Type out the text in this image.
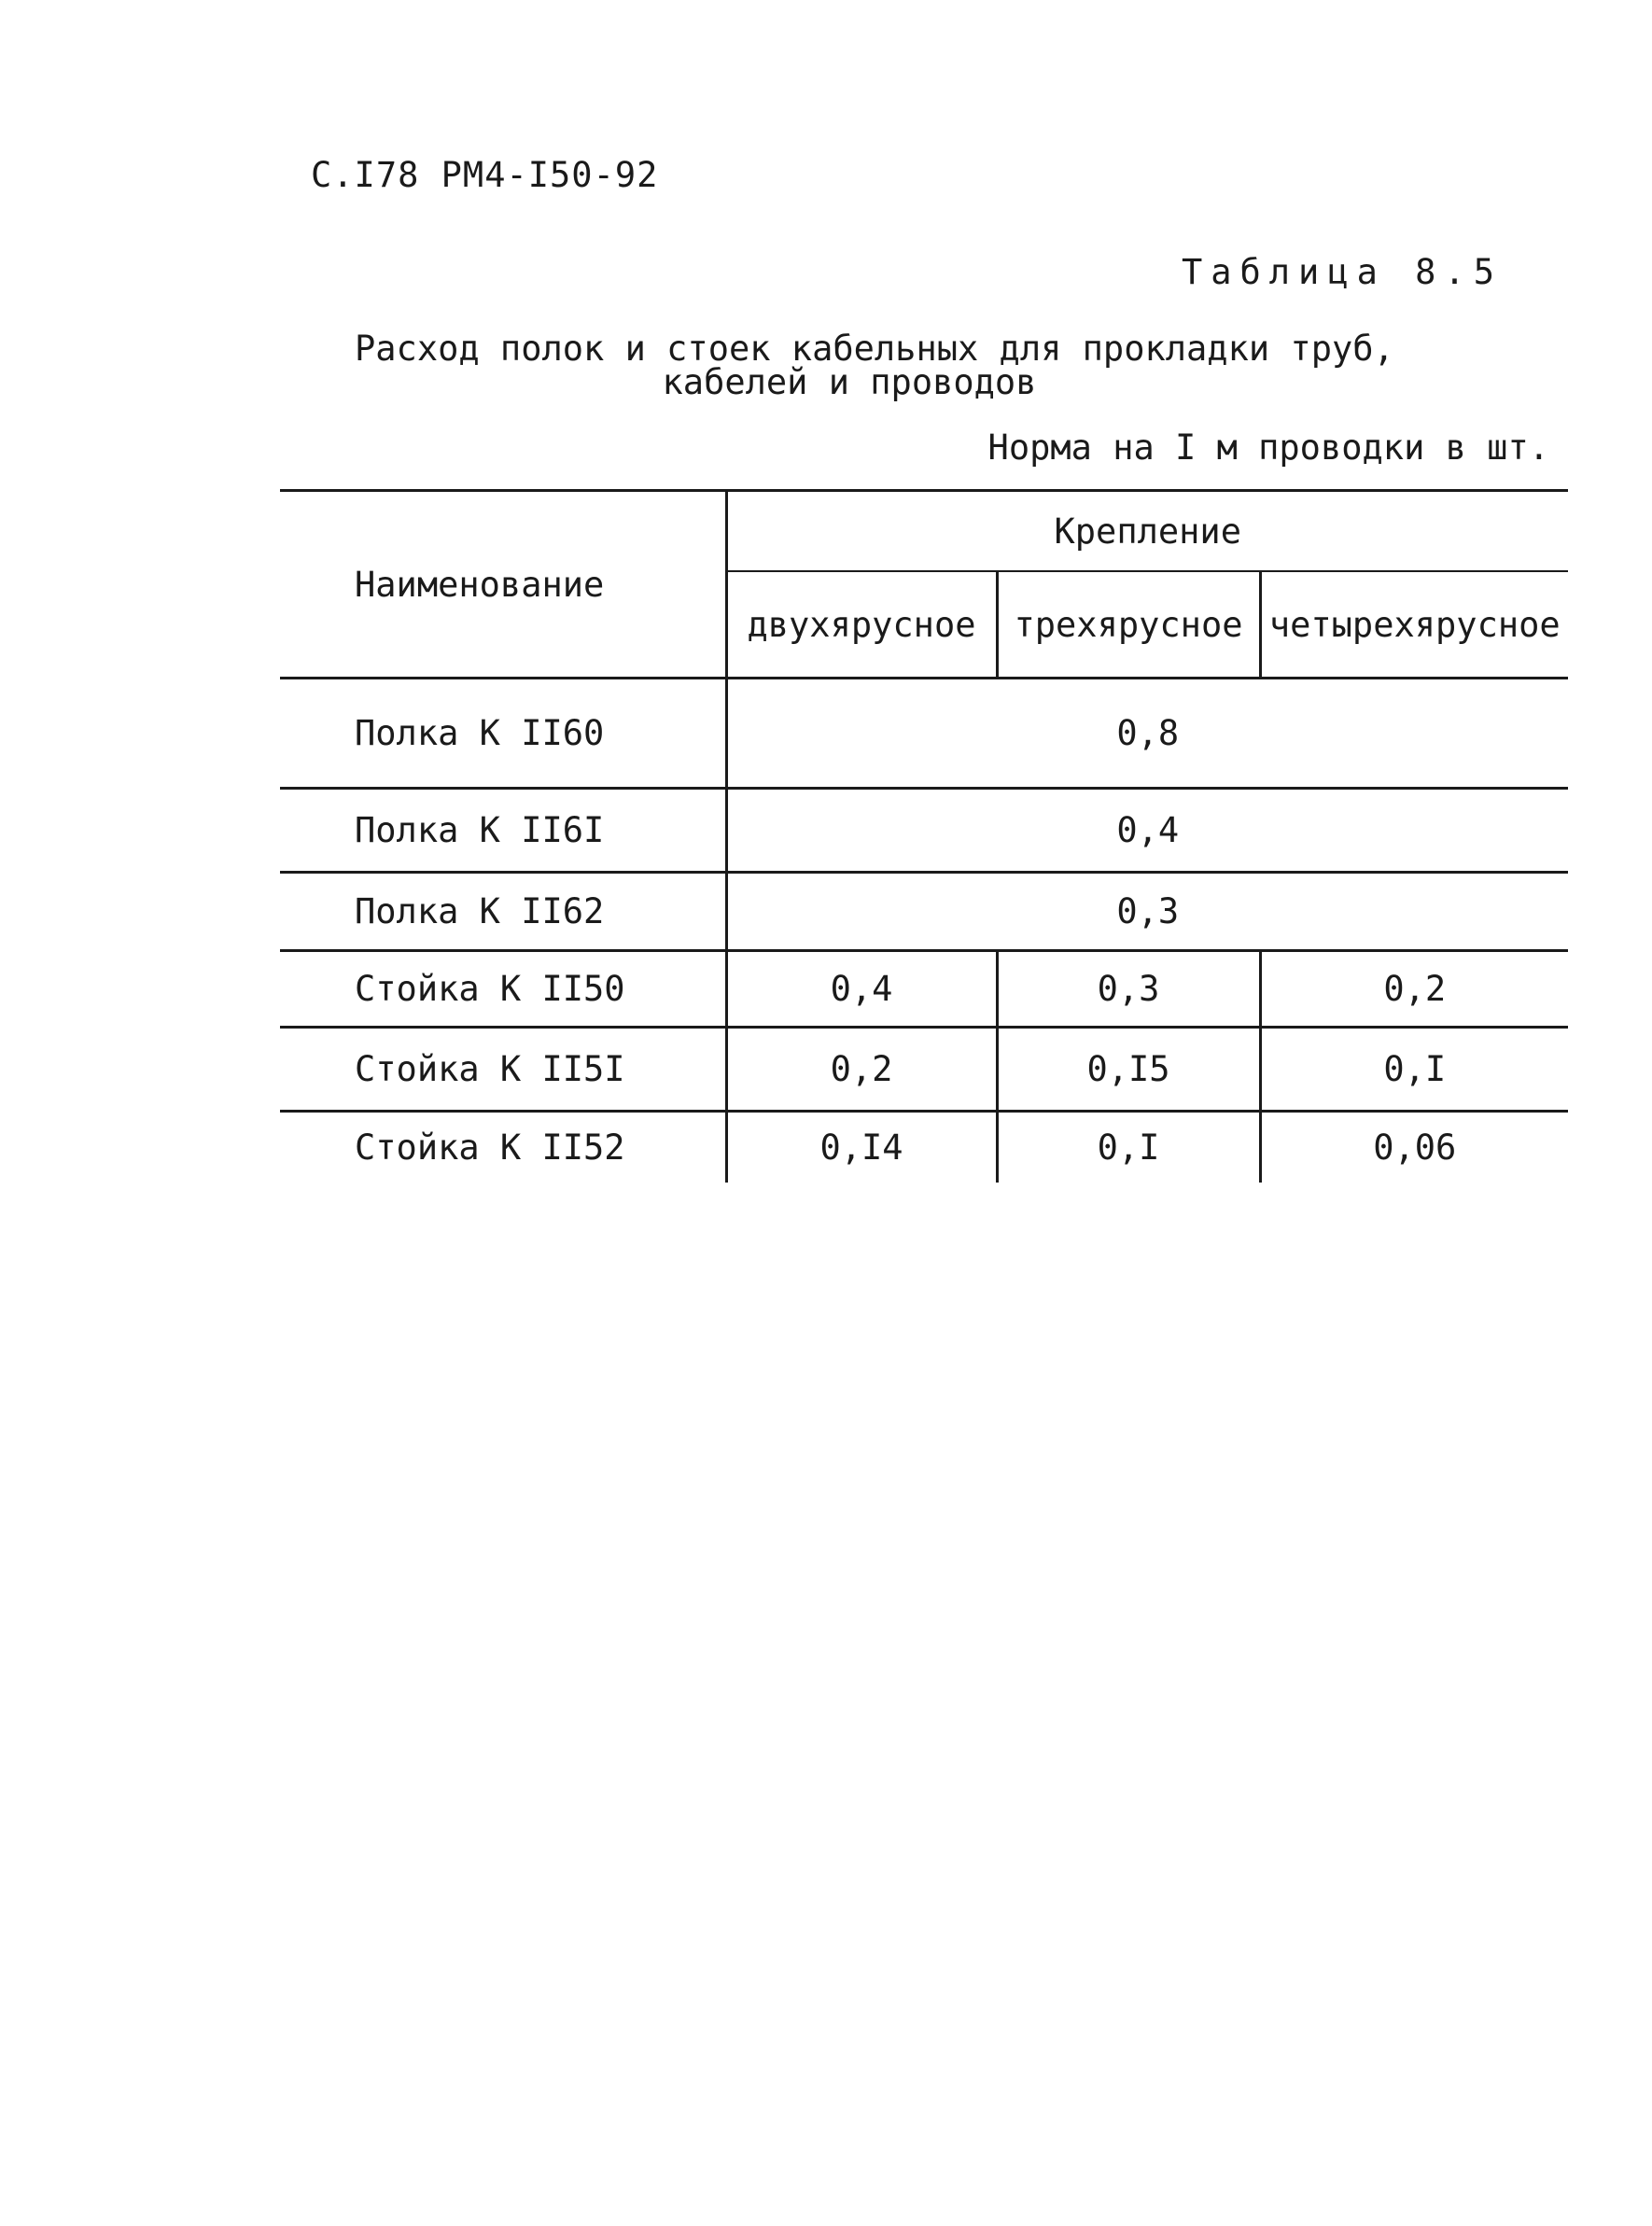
С.I78 РМ4-I50-92
Таблица 8.5
Расход полок и стоек кабельных для прокладки труб,
кабелей и проводов
Норма на I м проводки в шт.
Наименование	Крепление		
	двухярусное	трехярусное	четырехярусное
Полка К II60	0,8		
Полка К II6I	0,4		
Полка К II62	0,3		
Стойка К II50	0,4	0,3	0,2
Стойка К II5I	0,2	0,I5	0,I
Стойка К II52	0,I4	0,I	0,06
